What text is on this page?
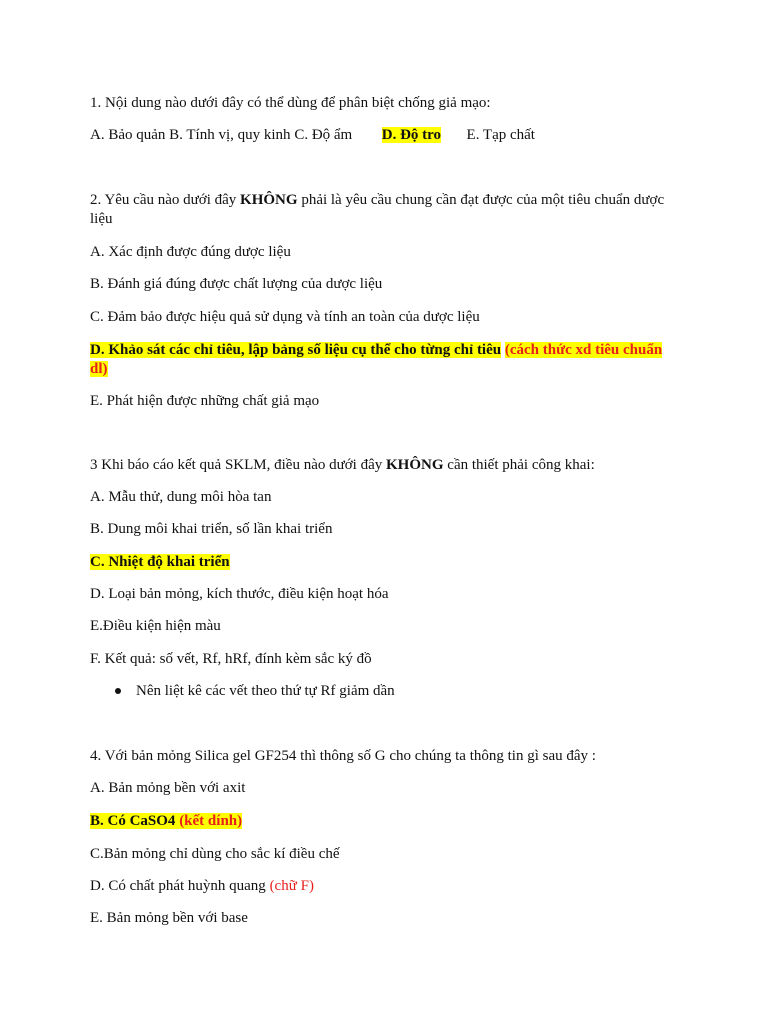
1. Nội dung nào dưới đây có thể dùng để phân biệt chống giả mạo:
A. Bảo quản B. Tính vị, quy kinh C. Độ ẩm D. Độ tro E. Tạp chất
2. Yêu cầu nào dưới đây KHÔNG phải là yêu cầu chung cần đạt được của một tiêu chuẩn dược liệu
A. Xác định được đúng dược liệu
B. Đánh giá đúng được chất lượng của dược liệu
C. Đảm bảo được hiệu quả sử dụng và tính an toàn của dược liệu
D. Khảo sát các chỉ tiêu, lập bảng số liệu cụ thể cho từng chỉ tiêu (cách thức xd tiêu chuẩn dl)
E. Phát hiện được những chất giả mạo
3 Khi báo cáo kết quả SKLM, điều nào dưới đây KHÔNG cần thiết phải công khai:
A. Mẫu thử, dung môi hòa tan
B. Dung môi khai triển, số lần khai triển
C. Nhiệt độ khai triển
D. Loại bản mỏng, kích thước, điều kiện hoạt hóa
E.Điều kiện hiện màu
F. Kết quả: số vết, Rf, hRf, đính kèm sắc ký đồ
Nên liệt kê các vết theo thứ tự Rf giảm dần
4. Với bản mỏng Silica gel GF254 thì thông số G cho chúng ta thông tin gì sau đây :
A. Bản mỏng bền với axit
B. Có CaSO4 (kết dính)
C.Bản mỏng chỉ dùng cho sắc kí điều chế
D. Có chất phát huỳnh quang (chữ F)
E. Bản mỏng bền với base
